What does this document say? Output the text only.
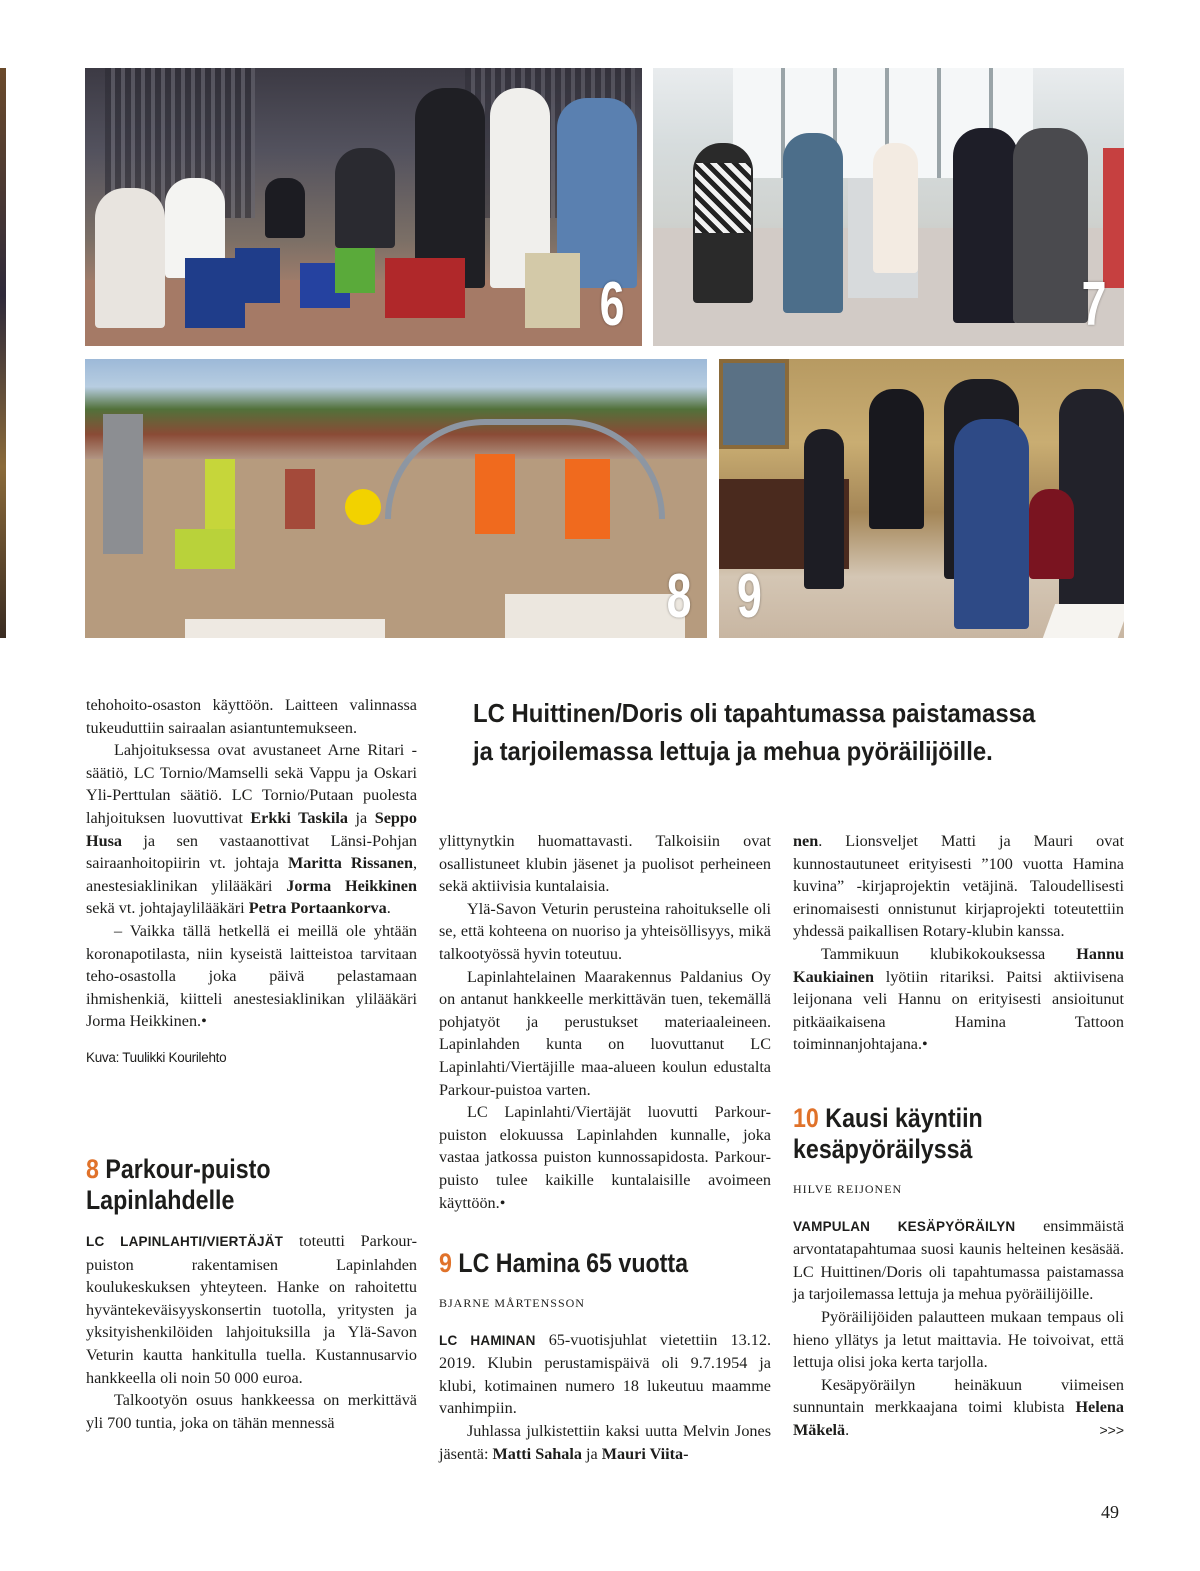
6	7
8 9
LC Huittinen/Doris oli tapahtumassa paistamassa
ja tarjoilemassa lettuja ja mehua pyöräilijöille.

tehohoito-osaston käyttöön. Laitteen valinnassa tukeuduttiin sairaalan asiantuntemukseen.

Lahjoituksessa ovat avustaneet Arne Ritari -säätiö, LC Tornio/Mamselli sekä Vappu ja Oskari Yli-Perttulan säätiö. LC Tornio/Putaan puolesta lahjoituksen luovuttivat Erkki Taskila ja Seppo Husa ja sen vastaanottivat Länsi-Pohjan sairaanhoitopiirin vt. johtaja Maritta Rissanen, anestesiaklinikan ylilääkäri Jorma Heikkinen sekä vt. johtajaylilääkäri Petra Portaankorva.

– Vaikka tällä hetkellä ei meillä ole yhtään koronapotilasta, niin kyseistä laitteistoa tarvitaan teho-osastolla joka päivä pelastamaan ihmishenkiä, kiitteli anestesiaklinikan ylilääkäri Jorma Heikkinen.•

Kuva: Tuulikki Kourilehto

8 Parkour-puisto
Lapinlahdelle

LC LAPINLAHTI/VIERTÄJÄT toteutti Parkour-puiston rakentamisen Lapinlahden koulukeskuksen yhteyteen. Hanke on rahoitettu hyväntekeväisyyskonsertin tuotolla, yritysten ja yksityishenkilöiden lahjoituksilla ja Ylä-Savon Veturin kautta hankitulla tuella. Kustannusarvio hankkeella oli noin 50 000 euroa.

Talkootyön osuus hankkeessa on merkittävä yli 700 tuntia, joka on tähän mennessä

ylittynytkin huomattavasti. Talkoisiin ovat osallistuneet klubin jäsenet ja puolisot perheineen sekä aktiivisia kuntalaisia.

Ylä-Savon Veturin perusteina rahoitukselle oli se, että kohteena on nuoriso ja yhteisöllisyys, mikä talkootyössä hyvin toteutuu.

Lapinlahtelainen Maarakennus Paldanius Oy on antanut hankkeelle merkittävän tuen, tekemällä pohjatyöt ja perustukset materiaaleineen. Lapinlahden kunta on luovuttanut LC Lapinlahti/Viertäjille maa-alueen koulun edustalta Parkour-puistoa varten.

LC Lapinlahti/Viertäjät luovutti Parkour-puiston elokuussa Lapinlahden kunnalle, joka vastaa jatkossa puiston kunnossapidosta. Parkour-puisto tulee kaikille kuntalaisille avoimeen käyttöön.•

9 LC Hamina 65 vuotta

BJARNE MÅRTENSSON

LC HAMINAN 65-vuotisjuhlat vietettiin 13.12. 2019. Klubin perustamispäivä oli 9.7.1954 ja klubi, kotimainen numero 18 lukeutuu maamme vanhimpiin.

Juhlassa julkistettiin kaksi uutta Melvin Jones jäsentä: Matti Sahala ja Mauri Viita-

nen. Lionsveljet Matti ja Mauri ovat kunnostautuneet erityisesti ”100 vuotta Hamina kuvina” -kirjaprojektin vetäjinä. Taloudellisesti erinomaisesti onnistunut kirjaprojekti toteutettiin yhdessä paikallisen Rotary-klubin kanssa.

Tammikuun klubikokouksessa Hannu Kaukiainen lyötiin ritariksi. Paitsi aktiivisena leijonana veli Hannu on erityisesti ansioitunut pitkäaikaisena Hamina Tattoon toiminnanjohtajana.•

10 Kausi käyntiin
kesäpyöräilyssä

HILVE REIJONEN

VAMPULAN KESÄPYÖRÄILYN ensimmäistä arvontatapahtumaa suosi kaunis helteinen kesäsää. LC Huittinen/Doris oli tapahtumassa paistamassa ja tarjoilemassa lettuja ja mehua pyöräilijöille.

Pyöräilijöiden palautteen mukaan tempaus oli hieno yllätys ja letut maittavia. He toivoivat, että lettuja olisi joka kerta tarjolla.

Kesäpyöräilyn heinäkuun viimeisen sunnuntain merkkaajana toimi klubista Helena Mäkelä.	>>>

49
